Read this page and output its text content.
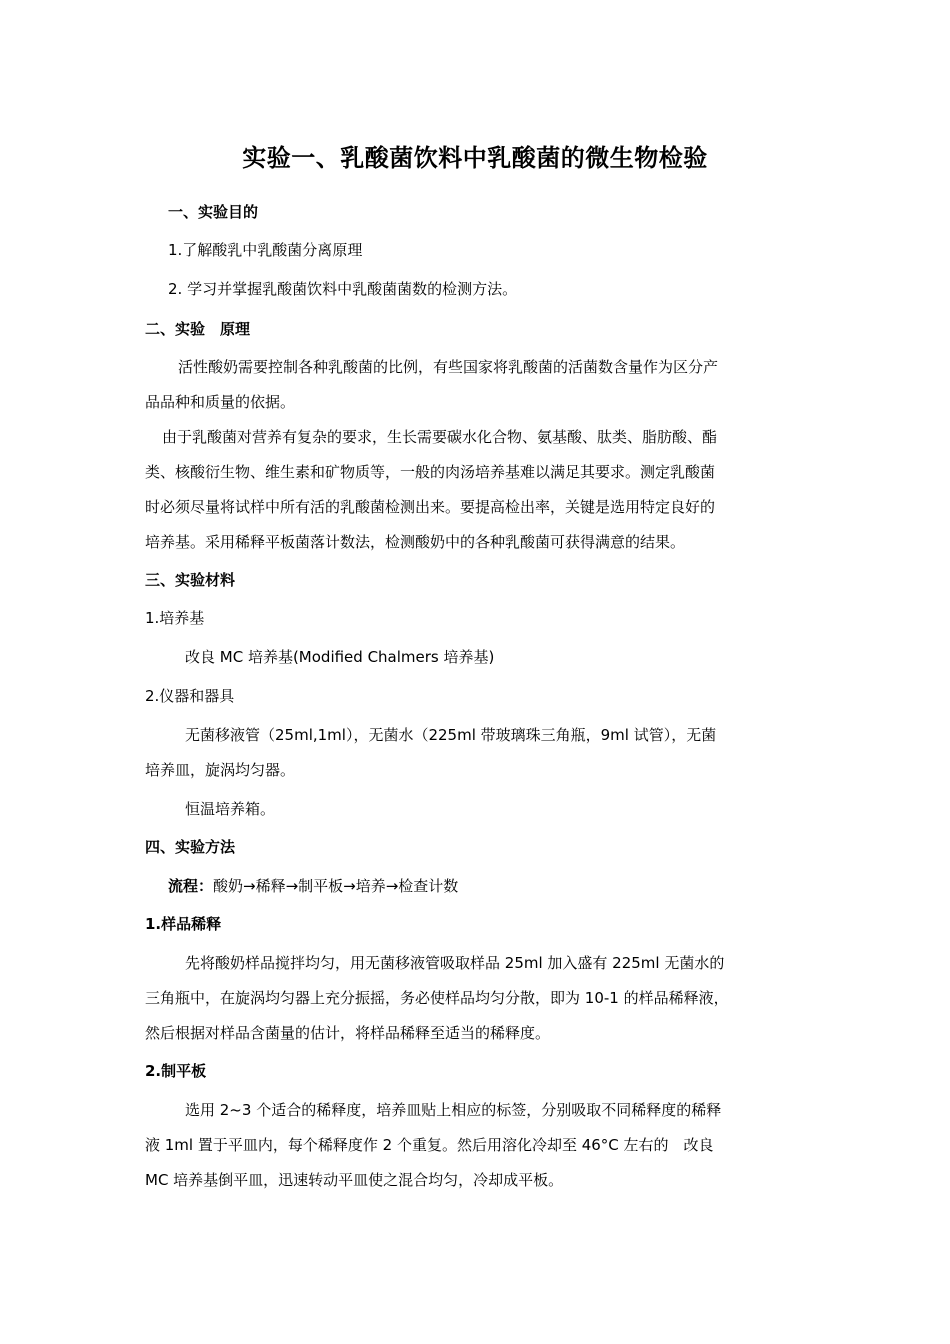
实验一、乳酸菌饮料中乳酸菌的微生物检验
一、实验目的
1.了解酸乳中乳酸菌分离原理
2. 学习并掌握乳酸菌饮料中乳酸菌菌数的检测方法。
二、实验　原理
活性酸奶需要控制各种乳酸菌的比例，有些国家将乳酸菌的活菌数含量作为区分产
品品种和质量的依据。
由于乳酸菌对营养有复杂的要求，生长需要碳水化合物、氨基酸、肽类、脂肪酸、酯
类、核酸衍生物、维生素和矿物质等，一般的肉汤培养基难以满足其要求。测定乳酸菌
时必须尽量将试样中所有活的乳酸菌检测出来。要提高检出率，关键是选用特定良好的
培养基。采用稀释平板菌落计数法，检测酸奶中的各种乳酸菌可获得满意的结果。
三、实验材料
1.培养基
改良 MC 培养基(Modified Chalmers 培养基)
2.仪器和器具
无菌移液管（25ml,1ml），无菌水（225ml 带玻璃珠三角瓶，9ml 试管），无菌
培养皿，旋涡均匀器。
恒温培养箱。
四、实验方法
流程：酸奶→稀释→制平板→培养→检查计数
1.样品稀释
先将酸奶样品搅拌均匀，用无菌移液管吸取样品 25ml 加入盛有 225ml 无菌水的
三角瓶中，在旋涡均匀器上充分振摇，务必使样品均匀分散，即为 10-1 的样品稀释液，
然后根据对样品含菌量的估计，将样品稀释至适当的稀释度。
2.制平板
选用 2~3 个适合的稀释度，培养皿贴上相应的标签，分别吸取不同稀释度的稀释
液 1ml 置于平皿内，每个稀释度作 2 个重复。然后用溶化冷却至 46°C 左右的　改良
MC 培养基倒平皿，迅速转动平皿使之混合均匀，冷却成平板。
